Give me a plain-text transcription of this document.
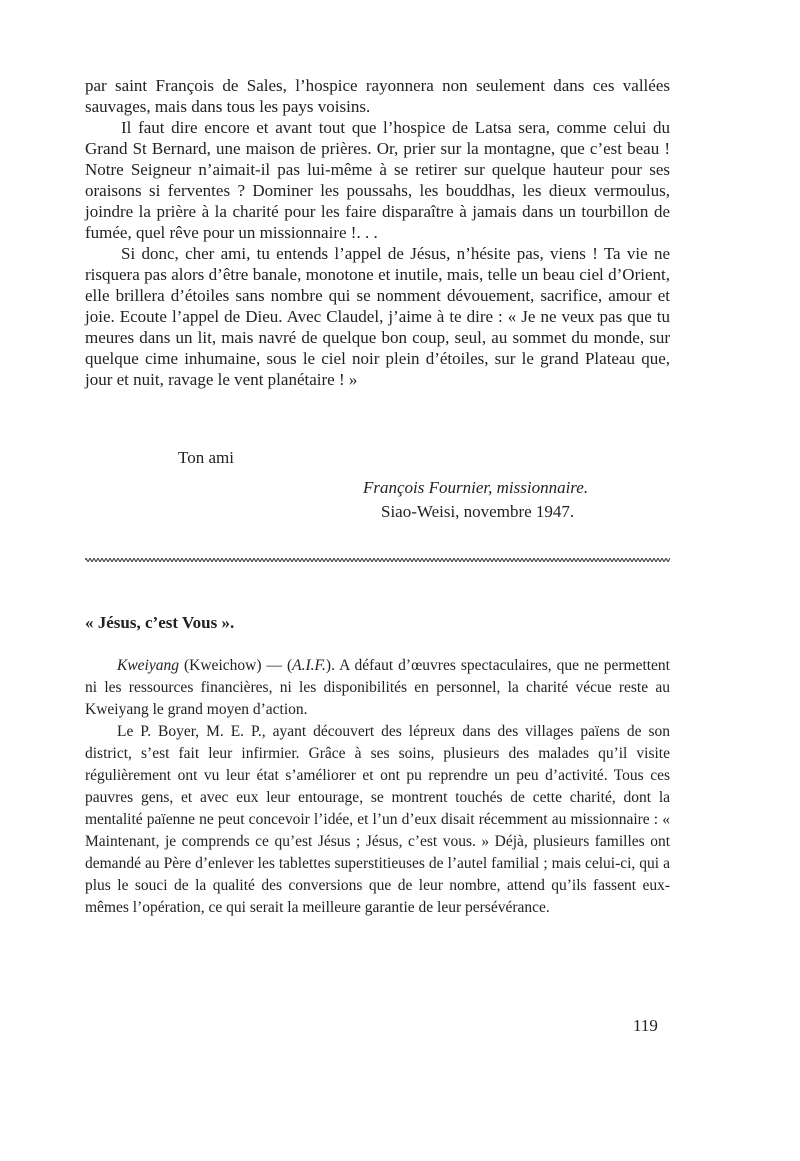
par saint François de Sales, l’hospice rayonnera non seulement dans ces vallées sauvages, mais dans tous les pays voisins.

Il faut dire encore et avant tout que l’hospice de Latsa sera, comme celui du Grand St Bernard, une maison de prières. Or, prier sur la montagne, que c’est beau ! Notre Seigneur n’aimait-il pas lui-même à se retirer sur quelque hauteur pour ses oraisons si ferventes ? Dominer les poussahs, les bouddhas, les dieux vermoulus, joindre la prière à la charité pour les faire disparaître à jamais dans un tourbillon de fumée, quel rêve pour un missionnaire !. . .

Si donc, cher ami, tu entends l’appel de Jésus, n’hésite pas, viens ! Ta vie ne risquera pas alors d’être banale, monotone et inutile, mais, telle un beau ciel d’Orient, elle brillera d’étoiles sans nombre qui se nomment dévouement, sacrifice, amour et joie. Ecoute l’appel de Dieu. Avec Claudel, j’aime à te dire : « Je ne veux pas que tu meures dans un lit, mais navré de quelque bon coup, seul, au sommet du monde, sur quelque cime inhumaine, sous le ciel noir plein d’étoiles, sur le grand Plateau que, jour et nuit, ravage le vent planétaire ! »

Ton ami
François Fournier, missionnaire.
Siao-Weisi, novembre 1947.
« Jésus, c’est Vous ».

Kweiyang (Kweichow) — (A.I.F.). A défaut d’œuvres spectaculaires, que ne permettent ni les ressources financières, ni les disponibilités en personnel, la charité vécue reste au Kweiyang le grand moyen d’action.

Le P. Boyer, M. E. P., ayant découvert des lépreux dans des villages païens de son district, s’est fait leur infirmier. Grâce à ses soins, plusieurs des malades qu’il visite régulièrement ont vu leur état s’améliorer et ont pu reprendre un peu d’activité. Tous ces pauvres gens, et avec eux leur entourage, se montrent touchés de cette charité, dont la mentalité païenne ne peut concevoir l’idée, et l’un d’eux disait récemment au missionnaire : « Maintenant, je comprends ce qu’est Jésus ; Jésus, c’est vous. » Déjà, plusieurs familles ont demandé au Père d’enlever les tablettes superstitieuses de l’autel familial ; mais celui-ci, qui a plus le souci de la qualité des conversions que de leur nombre, attend qu’ils fassent eux-mêmes l’opération, ce qui serait la meilleure garantie de leur persévérance.

119
